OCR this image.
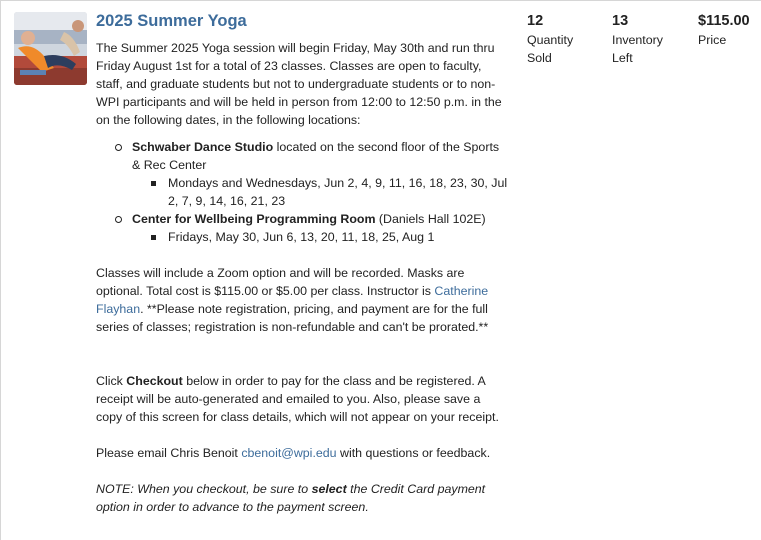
2025 Summer Yoga

The Summer 2025 Yoga session will begin Friday, May 30th and run thru Friday August 1st for a total of 23 classes. Classes are open to faculty, staff, and graduate students but not to undergraduate students or to non-WPI participants and will be held in person from 12:00 to 12:50 p.m. in the on the following dates, in the following locations:

Schwaber Dance Studio located on the second floor of the Sports & Rec Center
Mondays and Wednesdays, Jun 2, 4, 9, 11, 16, 18, 23, 30, Jul 2, 7, 9, 14, 16, 21, 23
Center for Wellbeing Programming Room (Daniels Hall 102E)
Fridays, May 30, Jun 6, 13, 20, 11, 18, 25, Aug 1

Classes will include a Zoom option and will be recorded. Masks are optional. Total cost is $115.00 or $5.00 per class. Instructor is Catherine Flayhan. **Please note registration, pricing, and payment are for the full series of classes; registration is non-refundable and can't be prorated.**

Click Checkout below in order to pay for the class and be registered. A receipt will be auto-generated and emailed to you. Also, please save a copy of this screen for class details, which will not appear on your receipt.

Please email Chris Benoit cbenoit@wpi.edu with questions or feedback.

NOTE: When you checkout, be sure to select the Credit Card payment option in order to advance to the payment screen.

12
Quantity Sold
13
Inventory Left
$115.00
Price
